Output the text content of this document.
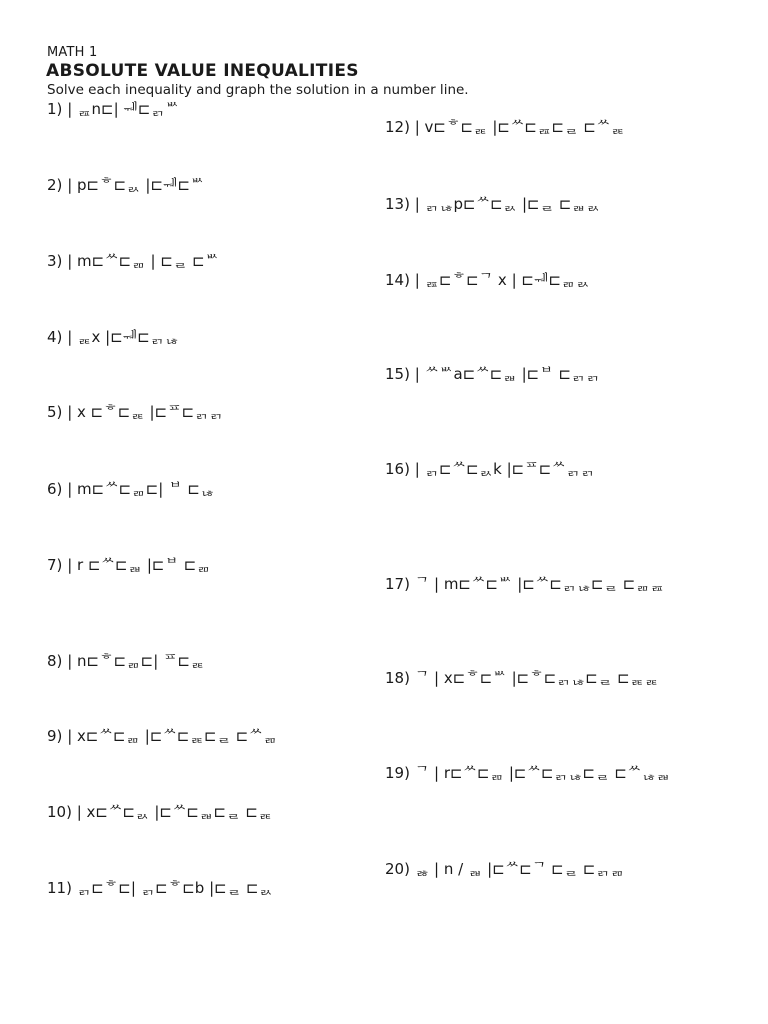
MATH 1
ABSOLUTE VALUE INEQUALITIES
Solve each inequality and graph the solution in a number line.
1) | ᆵn⊏| ᅰ⊏ᆰᄡ
2) | p⊏ᄒ⊏ᆳ |⊏ᅰ⊏ᄡ
3) | m⊏ᄊ⊏ᆱ | ⊏ᆯ ⊏ᄡ
4) | ᆴx |⊏ᅰ⊏ᆰᆭ
5) | x ⊏ᄒ⊏ᆴ |⊏ᄑ⊏ᆰᆰ
6) | m⊏ᄊ⊏ᆱ⊏| ᄇ ⊏ᆭ
7) | r ⊏ᄊ⊏ᆲ |⊏ᄇ ⊏ᆱ
8) | n⊏ᄒ⊏ᆱ⊏| ᄑ⊏ᆴ
9) | x⊏ᄊ⊏ᆱ |⊏ᄊ⊏ᆴ⊏ᆯ ⊏ᄊᆱ
10) | x⊏ᄊ⊏ᆳ |⊏ᄊ⊏ᆲ⊏ᆯ ⊏ᆴ
11) ᆰ⊏ᄒ⊏| ᆰ⊏ᄒ⊏b |⊏ᆯ ⊏ᆳ
12) | v⊏ᄒ⊏ᆴ |⊏ᄊ⊏ᆵ⊏ᆯ ⊏ᄊᆴ
13) | ᆰᆭp⊏ᄊ⊏ᆳ |⊏ᆯ ⊏ᆲᆳ
14) | ᆵ⊏ᄒ⊏ᄀ x | ⊏ᅰ⊏ᆱᆳ
15) | ᄊᄡa⊏ᄊ⊏ᆲ |⊏ᄇ ⊏ᆰᆰ
16) | ᆰ⊏ᄊ⊏ᆳk |⊏ᄑ⊏ᄊᆰᆰ
17) ᄀ | m⊏ᄊ⊏ᄡ |⊏ᄊ⊏ᆰᆭ⊏ᆯ ⊏ᆱᆵ
18) ᄀ | x⊏ᄒ⊏ᄡ |⊏ᄒ⊏ᆰᆭ⊏ᆯ ⊏ᆴᆴ
19) ᄀ | r⊏ᄊ⊏ᆱ |⊏ᄊ⊏ᆰᆭ⊏ᆯ ⊏ᄊᆭᆲ
20) ᆶ | n / ᆲ |⊏ᄊ⊏ᄀ ⊏ᆯ ⊏ᆰᆱ
